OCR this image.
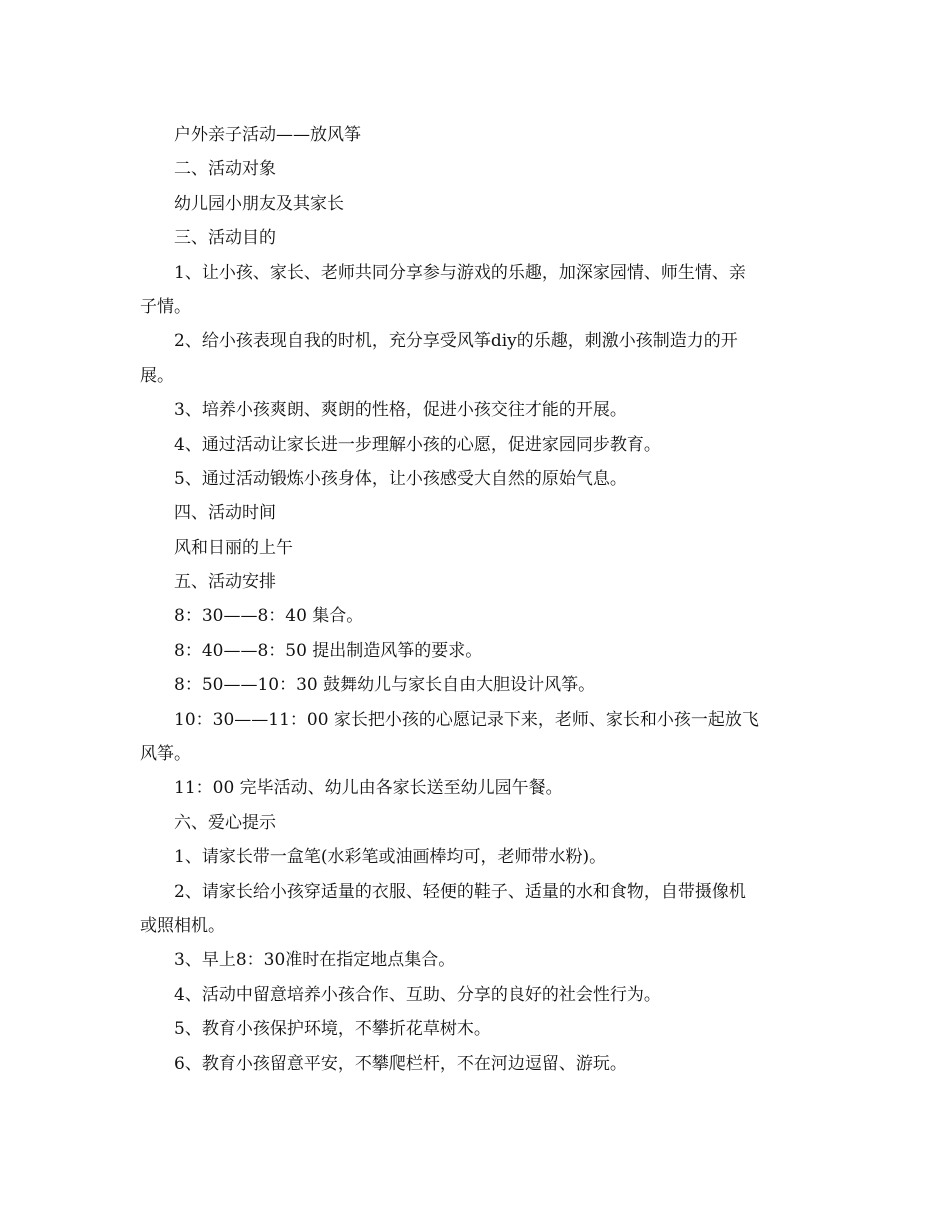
户外亲子活动——放风筝

二、活动对象

幼儿园小朋友及其家长

三、活动目的

1、让小孩、家长、老师共同分享参与游戏的乐趣，加深家园情、师生情、亲

子情。

2、给小孩表现自我的时机，充分享受风筝diy的乐趣，刺激小孩制造力的开

展。

3、培养小孩爽朗、爽朗的性格，促进小孩交往才能的开展。

4、通过活动让家长进一步理解小孩的心愿，促进家园同步教育。

5、通过活动锻炼小孩身体，让小孩感受大自然的原始气息。

四、活动时间

风和日丽的上午

五、活动安排

8：30——8：40 集合。

8：40——8：50 提出制造风筝的要求。

8：50——10：30 鼓舞幼儿与家长自由大胆设计风筝。

10：30——11：00 家长把小孩的心愿记录下来，老师、家长和小孩一起放飞

风筝。

11：00 完毕活动、幼儿由各家长送至幼儿园午餐。

六、爱心提示

1、请家长带一盒笔(水彩笔或油画棒均可，老师带水粉)。

2、请家长给小孩穿适量的衣服、轻便的鞋子、适量的水和食物，自带摄像机

或照相机。

3、早上8：30准时在指定地点集合。

4、活动中留意培养小孩合作、互助、分享的良好的社会性行为。

5、教育小孩保护环境，不攀折花草树木。

6、教育小孩留意平安，不攀爬栏杆，不在河边逗留、游玩。
